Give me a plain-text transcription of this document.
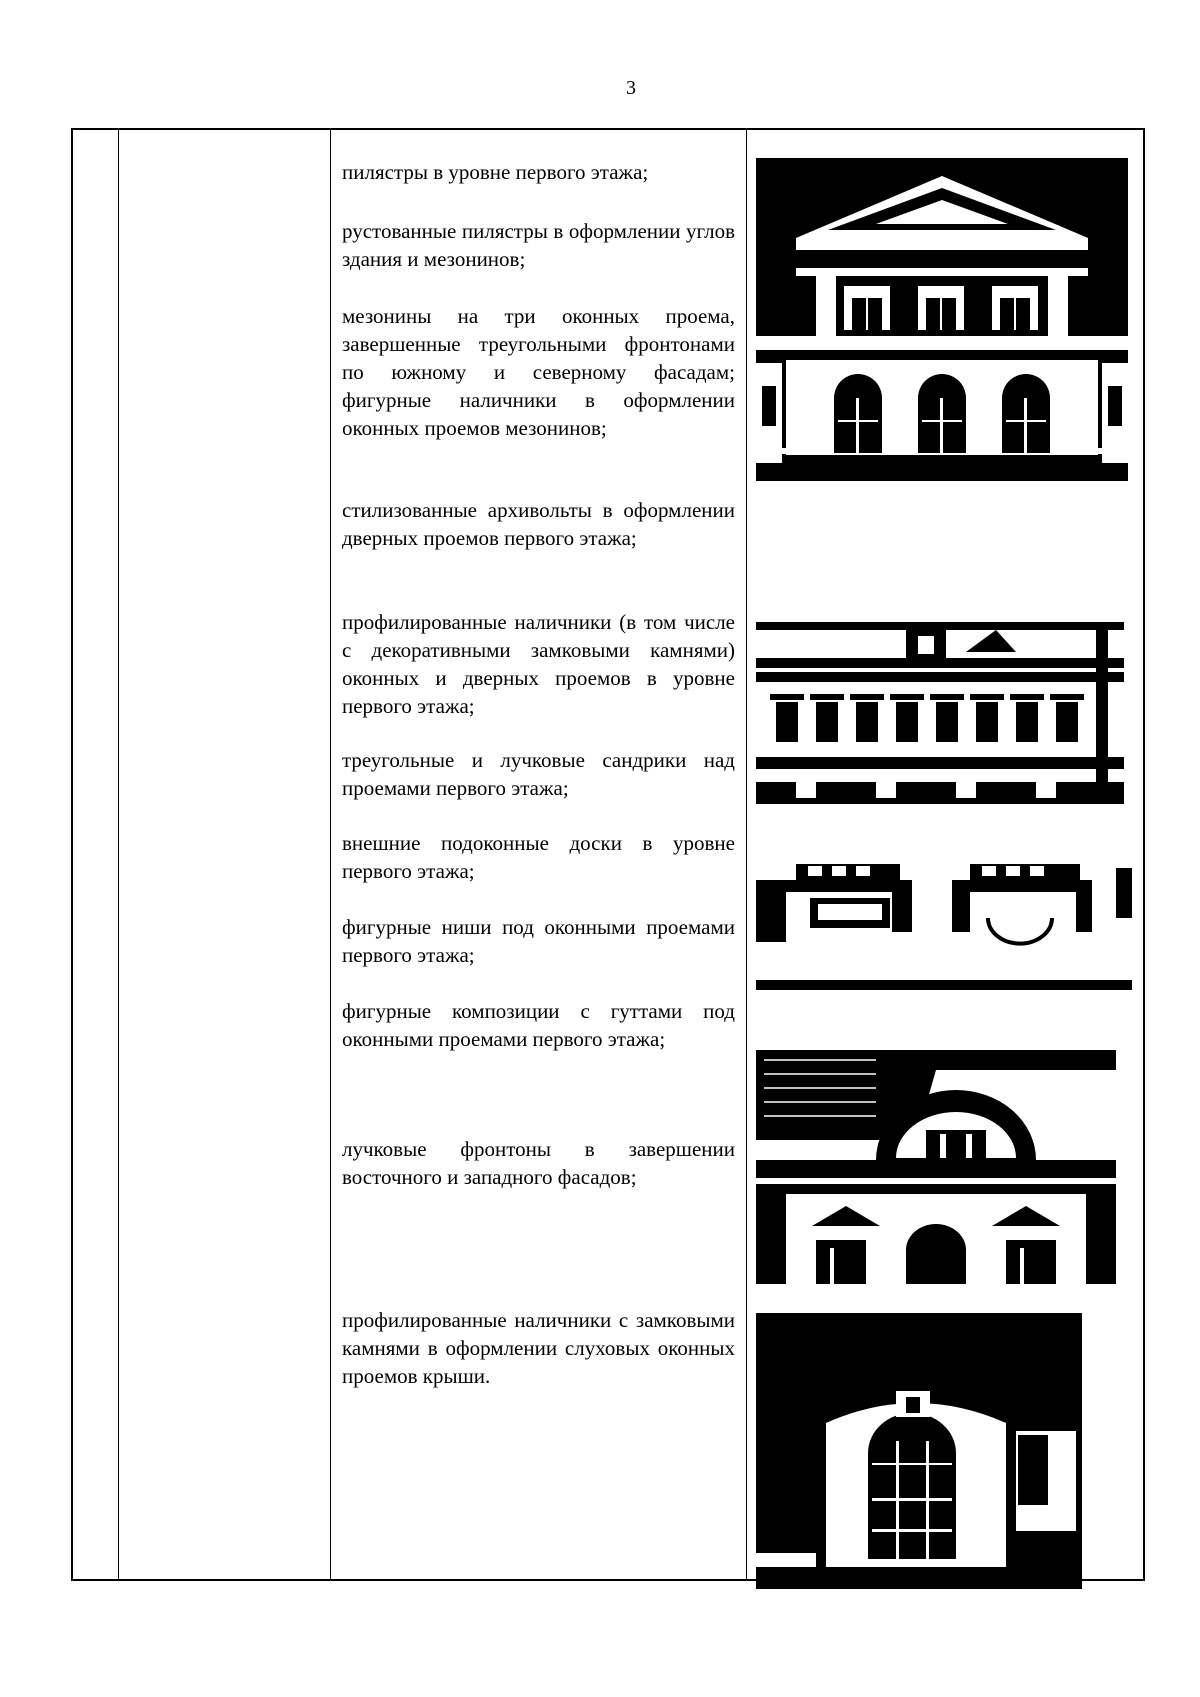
3

пилястры в уровне первого этажа;

рустованные пилястры в оформлении углов здания и мезонинов;

мезонины на три оконных проема, завершенные треугольными фронтонами по южному и северному фасадам; фигурные наличники в оформлении оконных проемов мезонинов;

стилизованные архивольты в оформлении дверных проемов первого этажа;

профилированные наличники (в том числе с декоративными замковыми камнями) оконных и дверных проемов в уровне первого этажа;

треугольные и лучковые сандрики над проемами первого этажа;

внешние подоконные доски в уровне первого этажа;

фигурные ниши под оконными проемами первого этажа;

фигурные композиции с гуттами под оконными проемами первого этажа;

лучковые фронтоны в завершении восточного и западного фасадов;

профилированные наличники с замковыми камнями в оформлении слуховых оконных проемов крыши.
